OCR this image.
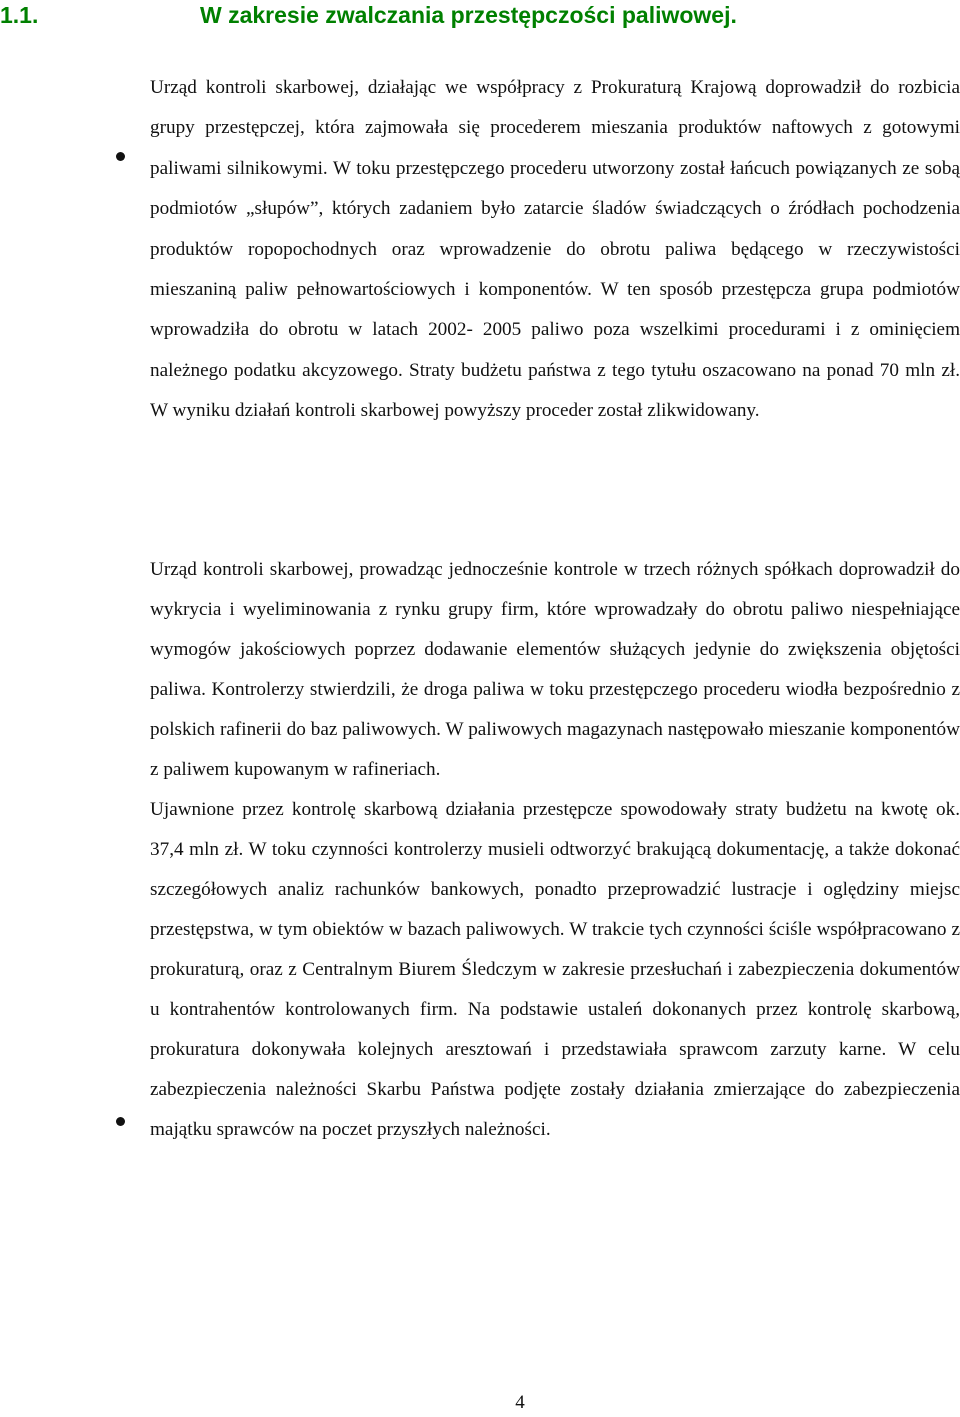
1.1.	W zakresie zwalczania przestępczości paliwowej.

Urząd kontroli skarbowej, działając we współpracy z Prokuraturą Krajową doprowadził do rozbicia grupy przestępczej, która zajmowała się procederem mieszania produktów naftowych z gotowymi paliwami silnikowymi. W toku przestępczego procederu utworzony został łańcuch powiązanych ze sobą podmiotów „słupów”, których zadaniem było zatarcie śladów świadczących o źródłach pochodzenia produktów ropopochodnych oraz wprowadzenie do obrotu paliwa będącego w rzeczywistości mieszaniną paliw pełnowartościowych i komponentów. W ten sposób przestępcza grupa podmiotów wprowadziła do obrotu w latach 2002- 2005 paliwo poza wszelkimi procedurami i z ominięciem należnego podatku akcyzowego. Straty budżetu państwa z tego tytułu oszacowano na ponad 70 mln zł. W wyniku działań kontroli skarbowej powyższy proceder został zlikwidowany.

Urząd kontroli skarbowej, prowadząc jednocześnie kontrole w trzech różnych spółkach doprowadził do wykrycia i wyeliminowania z rynku grupy firm, które wprowadzały do obrotu paliwo niespełniające wymogów jakościowych poprzez dodawanie elementów służących jedynie do zwiększenia objętości paliwa. Kontrolerzy stwierdzili, że droga paliwa w toku przestępczego procederu wiodła bezpośrednio z polskich rafinerii do baz paliwowych. W paliwowych magazynach następowało mieszanie komponentów z paliwem kupowanym w rafineriach.

Ujawnione przez kontrolę skarbową działania przestępcze spowodowały straty budżetu na kwotę ok. 37,4 mln zł. W toku czynności kontrolerzy musieli odtworzyć brakującą dokumentację, a także dokonać szczegółowych analiz rachunków bankowych, ponadto przeprowadzić lustracje i oględziny miejsc przestępstwa, w tym obiektów w bazach paliwowych. W trakcie tych czynności ściśle współpracowano z prokuraturą, oraz z Centralnym Biurem Śledczym w zakresie przesłuchań i zabezpieczenia dokumentów u kontrahentów kontrolowanych firm. Na podstawie ustaleń dokonanych przez kontrolę skarbową, prokuratura dokonywała kolejnych aresztowań i przedstawiała sprawcom zarzuty karne. W celu zabezpieczenia należności Skarbu Państwa podjęte zostały działania zmierzające do zabezpieczenia majątku sprawców na poczet przyszłych należności.

4
